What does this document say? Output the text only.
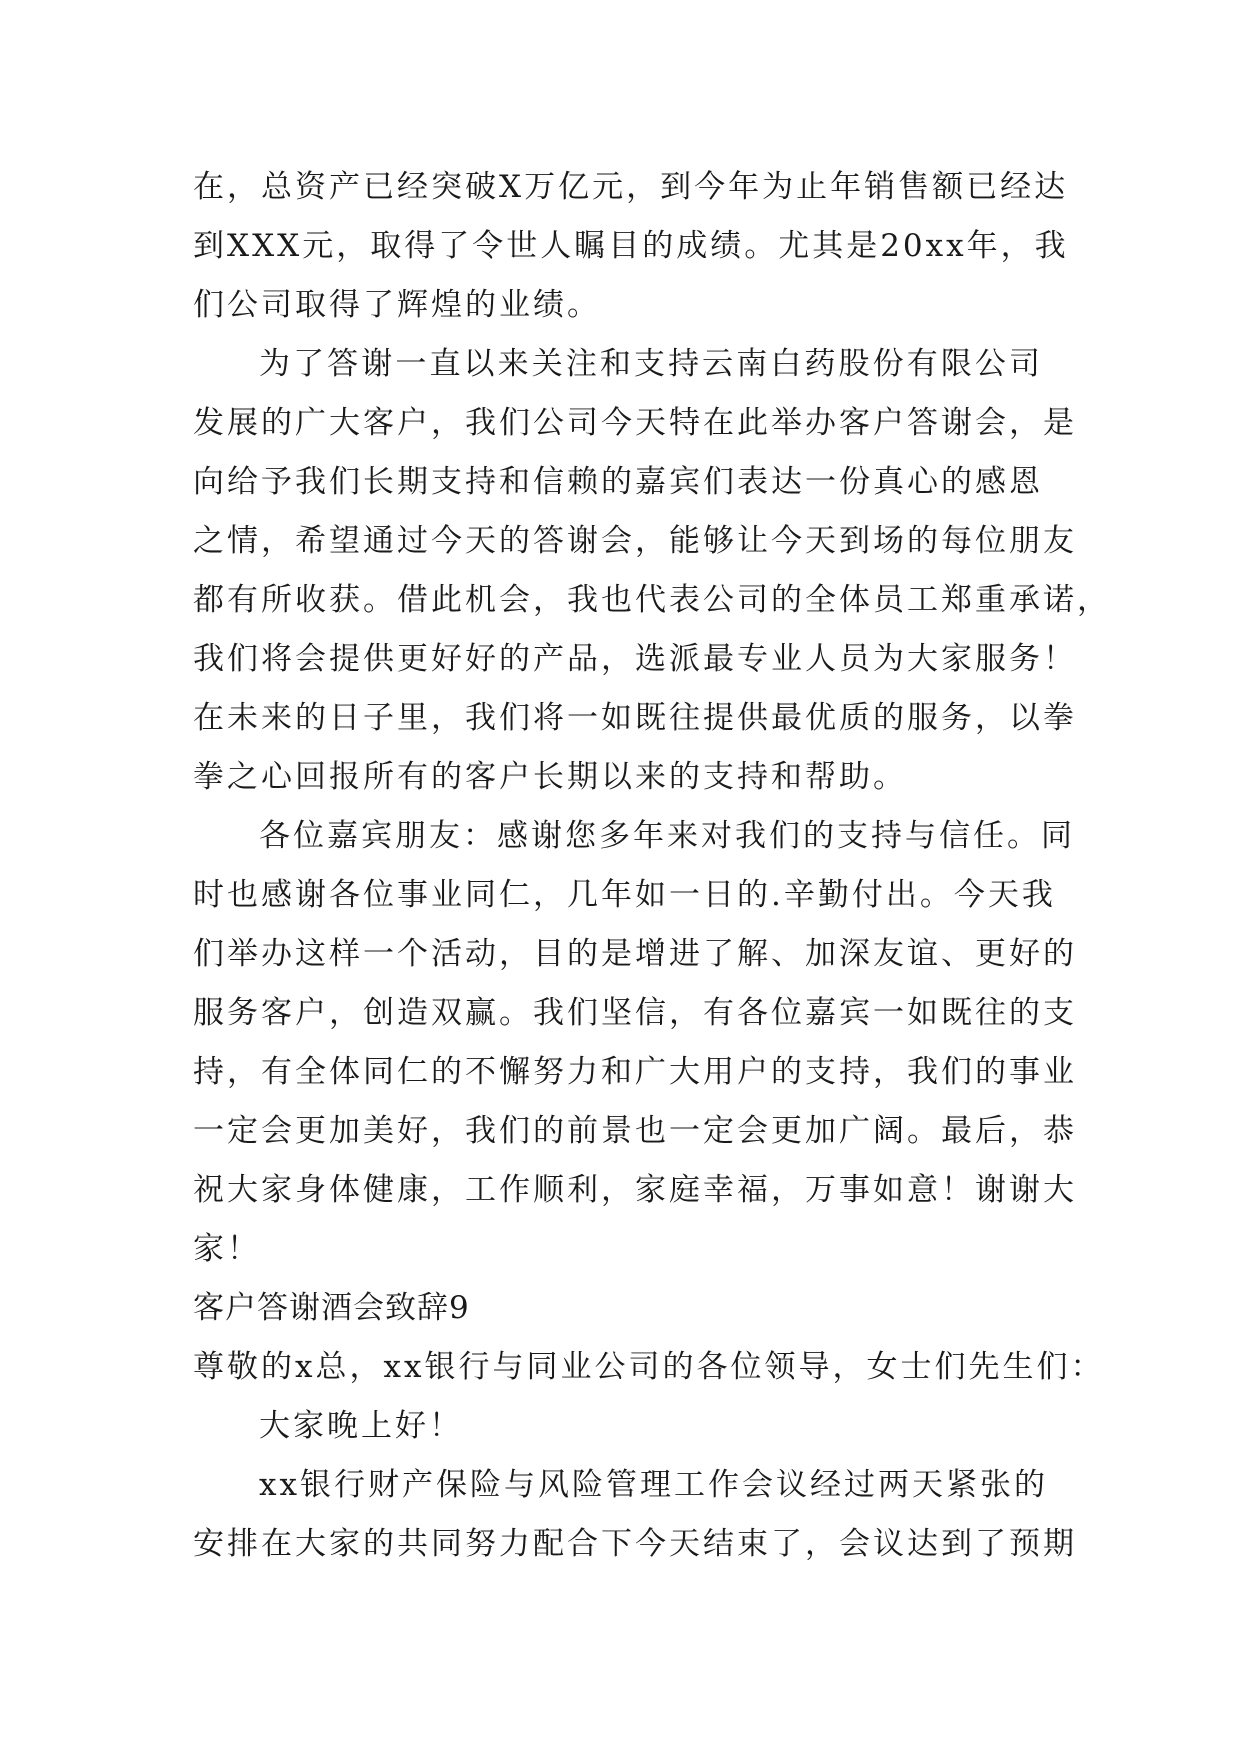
在，总资产已经突破X万亿元，到今年为止年销售额已经达
到XXX元，取得了令世人瞩目的成绩。尤其是20xx年，我
们公司取得了辉煌的业绩。
为了答谢一直以来关注和支持云南白药股份有限公司
发展的广大客户，我们公司今天特在此举办客户答谢会，是
向给予我们长期支持和信赖的嘉宾们表达一份真心的感恩
之情，希望通过今天的答谢会，能够让今天到场的每位朋友
都有所收获。借此机会，我也代表公司的全体员工郑重承诺，
我们将会提供更好好的产品，选派最专业人员为大家服务！
在未来的日子里，我们将一如既往提供最优质的服务，以拳
拳之心回报所有的客户长期以来的支持和帮助。
各位嘉宾朋友：感谢您多年来对我们的支持与信任。同
时也感谢各位事业同仁，几年如一日的.辛勤付出。今天我
们举办这样一个活动，目的是增进了解、加深友谊、更好的
服务客户，创造双赢。我们坚信，有各位嘉宾一如既往的支
持，有全体同仁的不懈努力和广大用户的支持，我们的事业
一定会更加美好，我们的前景也一定会更加广阔。最后，恭
祝大家身体健康，工作顺利，家庭幸福，万事如意！谢谢大
家！
客户答谢酒会致辞9
尊敬的x总，xx银行与同业公司的各位领导，女士们先生们：
大家晚上好！
xx银行财产保险与风险管理工作会议经过两天紧张的
安排在大家的共同努力配合下今天结束了，会议达到了预期
